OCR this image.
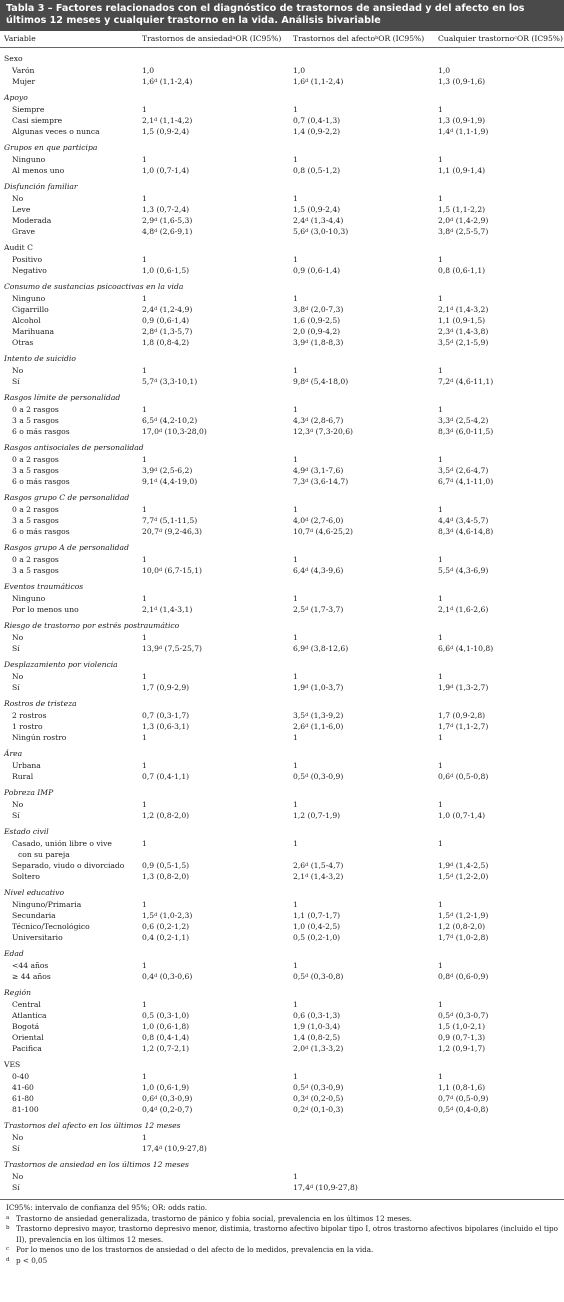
Tabla 3 – Factores relacionados con el diagnóstico de trastornos de ansiedad y del afecto en los últimos 12 meses y cualquier trastorno en la vida. Análisis bivariable
Variable	Trastornos de ansiedad$^a$OR (IC95%)	Trastornos del afecto$^b$OR (IC95%)	Cualquier trastorno$^c$OR (IC95%)
Sexo			
Varón	1,0	1,0	1,0
Mujer	1,6$^d$ (1,1-2,4)	1,6$^d$ (1,1-2,4)	1,3 (0,9-1,6)
Apoyo			
Siempre	1	1	1
Casi siempre	2,1$^d$ (1,1-4,2)	0,7 (0,4-1,3)	1,3 (0,9-1,9)
Algunas veces o nunca	1,5 (0,9-2,4)	1,4 (0,9-2,2)	1,4$^d$ (1,1-1,9)
Grupos en que participa			
Ninguno	1	1	1
Al menos uno	1,0 (0,7-1,4)	0,8 (0,5-1,2)	1,1 (0,9-1,4)
Disfunción familiar			
No	1	1	1
Leve	1,3 (0,7-2,4)	1,5 (0,9-2,4)	1,5 (1,1-2,2)
Moderada	2,9$^d$ (1,6-5,3)	2,4$^d$ (1,3-4,4)	2,0$^d$ (1,4-2,9)
Grave	4,8$^d$ (2,6-9,1)	5,6$^d$ (3,0-10,3)	3,8$^d$ (2,5-5,7)
Audit C			
Positivo	1	1	1
Negativo	1,0 (0,6-1,5)	0,9 (0,6-1,4)	0,8 (0,6-1,1)
Consumo de sustancias psicoactivas en la vida			
Ninguno	1	1	1
Cigarrillo	2,4$^d$ (1,2-4,9)	3,8$^d$ (2,0-7,3)	2,1$^d$ (1,4-3,2)
Alcohol	0,9 (0,6-1,4)	1,6 (0,9-2,5)	1,1 (0,9-1,5)
Marihuana	2,8$^d$ (1,3-5,7)	2,0 (0,9-4,2)	2,3$^d$ (1,4-3,8)
Otras	1,8 (0,8-4,2)	3,9$^d$ (1,8-8,3)	3,5$^d$ (2,1-5,9)
Intento de suicidio			
No	1	1	1
Sí	5,7$^d$ (3,3-10,1)	9,8$^d$ (5,4-18,0)	7,2$^d$ (4,6-11,1)
Rasgos límite de personalidad			
0 a 2 rasgos	1	1	1
3 a 5 rasgos	6,5$^d$ (4,2-10,2)	4,3$^d$ (2,8-6,7)	3,3$^d$ (2,5-4,2)
6 o más rasgos	17,0$^d$ (10,3-28,0)	12,3$^d$ (7,3-20,6)	8,3$^d$ (6,0-11,5)
Rasgos antisociales de personalidad			
0 a 2 rasgos	1	1	1
3 a 5 rasgos	3,9$^d$ (2,5-6,2)	4,9$^d$ (3,1-7,6)	3,5$^d$ (2,6-4,7)
6 o más rasgos	9,1$^d$ (4,4-19,0)	7,3$^d$ (3,6-14,7)	6,7$^d$ (4,1-11,0)
Rasgos grupo C de personalidad			
0 a 2 rasgos	1	1	1
3 a 5 rasgos	7,7$^d$ (5,1-11,5)	4,0$^d$ (2,7-6,0)	4,4$^d$ (3,4-5,7)
6 o más rasgos	20,7$^d$ (9,2-46,3)	10,7$^d$ (4,6-25,2)	8,3$^d$ (4,6-14,8)
Rasgos grupo A de personalidad			
0 a 2 rasgos	1	1	1
3 a 5 rasgos	10,0$^d$ (6,7-15,1)	6,4$^d$ (4,3-9,6)	5,5$^d$ (4,3-6,9)
Eventos traumáticos			
Ninguno	1	1	1
Por lo menos uno	2,1$^d$ (1,4-3,1)	2,5$^d$ (1,7-3,7)	2,1$^d$ (1,6-2,6)
Riesgo de trastorno por estrés postraumático			
No	1	1	1
Sí	13,9$^d$ (7,5-25,7)	6,9$^d$ (3,8-12,6)	6,6$^d$ (4,1-10,8)
Desplazamiento por violencia			
No	1	1	1
Sí	1,7 (0,9-2,9)	1,9$^d$ (1,0-3,7)	1,9$^d$ (1,3-2,7)
Rostros de tristeza			
2 rostros	0,7 (0,3-1,7)	3,5$^d$ (1,3-9,2)	1,7 (0,9-2,8)
1 rostro	1,3 (0,6-3,1)	2,6$^d$ (1,1-6,0)	1,7$^d$ (1,1-2,7)
Ningún rostro	1	1	1
Área			
Urbana	1	1	1
Rural	0,7 (0,4-1,1)	0,5$^d$ (0,3-0,9)	0,6$^d$ (0,5-0,8)
Pobreza IMP			
No	1	1	1
Sí	1,2 (0,8-2,0)	1,2 (0,7-1,9)	1,0 (0,7-1,4)
Estado civil			
Casado, unión libre o vive	1	1	1
con su pareja			
Separado, viudo o divorciado	0,9 (0,5-1,5)	2,6$^d$ (1,5-4,7)	1,9$^d$ (1,4-2,5)
Soltero	1,3 (0,8-2,0)	2,1$^d$ (1,4-3,2)	1,5$^d$ (1,2-2,0)
Nivel educativo			
Ninguno/Primaria	1	1	1
Secundaria	1,5$^d$ (1,0-2,3)	1,1 (0,7-1,7)	1,5$^d$ (1,2-1,9)
Técnico/Tecnológico	0,6 (0,2-1,2)	1,0 (0,4-2,5)	1,2 (0,8-2,0)
Universitario	0,4 (0,2-1,1)	0,5 (0,2-1,0)	1,7$^d$ (1,0-2,8)
Edad			
<44 años	1	1	1
≥ 44 años	0,4$^d$ (0,3-0,6)	0,5$^d$ (0,3-0,8)	0,8$^d$ (0,6-0,9)
Región			
Central	1	1	1
Atlantica	0,5 (0,3-1,0)	0,6 (0,3-1,3)	0,5$^d$ (0,3-0,7)
Bogotá	1,0 (0,6-1,8)	1,9 (1,0-3,4)	1,5 (1,0-2,1)
Oriental	0,8 (0,4-1,4)	1,4 (0,8-2,5)	0,9 (0,7-1,3)
Pacifica	1,2 (0,7-2,1)	2,0$^d$ (1,3-3,2)	1,2 (0,9-1,7)
VES			
0-40	1	1	1
41-60	1,0 (0,6-1,9)	0,5$^d$ (0,3-0,9)	1,1 (0,8-1,6)
61-80	0,6$^d$ (0,3-0,9)	0,3$^d$ (0,2-0,5)	0,7$^d$ (0,5-0,9)
81-100	0,4$^d$ (0,2-0,7)	0,2$^d$ (0,1-0,3)	0,5$^d$ (0,4-0,8)
Trastornos del afecto en los últimos 12 meses			
No	1		
Sí	17,4$^d$ (10,9-27,8)		
Trastornos de ansiedad en los últimos 12 meses			
No		1	
Sí		17,4$^d$ (10,9-27,8)	
IC95%: intervalo de confianza del 95%; OR: odds ratio.
a Trastorno de ansiedad generalizada, trastorno de pánico y fobia social, prevalencia en los últimos 12 meses.
b Trastorno depresivo mayor, trastorno depresivo menor, distimia, trastorno afectivo bipolar tipo I, otros trastorno afectivos bipolares (incluido el tipo II), prevalencia en los últimos 12 meses.
c Por lo menos uno de los trastornos de ansiedad o del afecto de lo medidos, prevalencia en la vida.
d p < 0,05
